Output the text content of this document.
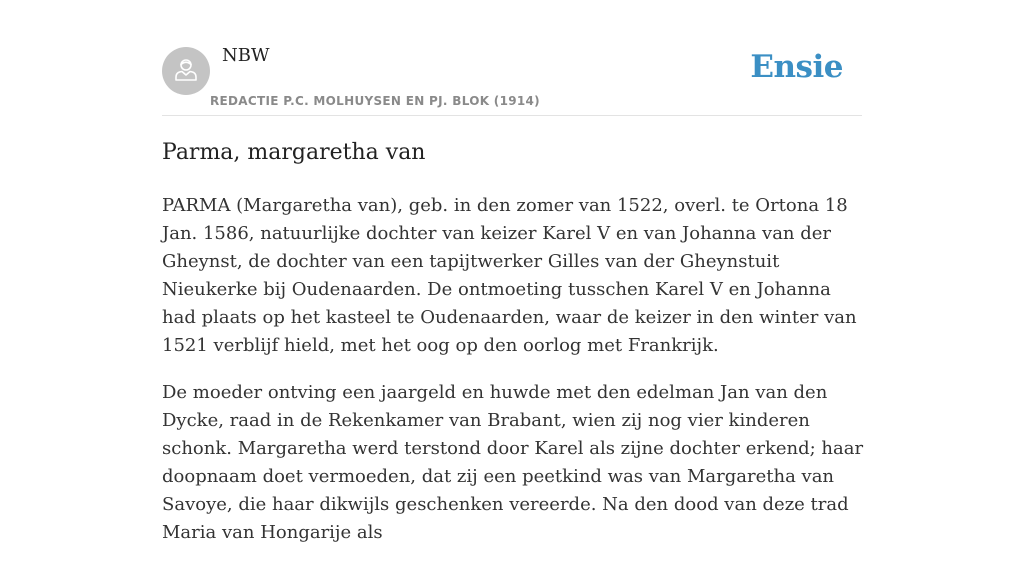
NBW
REDACTIE P.C. MOLHUYSEN EN PJ. BLOK (1914)
Ensie
Parma, margaretha van

PARMA (Margaretha van), geb. in den zomer van 1522, overl. te Ortona 18 Jan. 1586, natuurlijke dochter van keizer Karel V en van Johanna van der Gheynst, de dochter van een tapijtwerker Gilles van der Gheynstuit Nieukerke bij Oudenaarden. De ontmoeting tusschen Karel V en Johanna had plaats op het kasteel te Oudenaarden, waar de keizer in den winter van 1521 verblijf hield, met het oog op den oorlog met Frankrijk.

De moeder ontving een jaargeld en huwde met den edelman Jan van den Dycke, raad in de Rekenkamer van Brabant, wien zij nog vier kinderen schonk. Margaretha werd terstond door Karel als zijne dochter erkend; haar doopnaam doet vermoeden, dat zij een peetkind was van Margaretha van Savoye, die haar dikwijls geschenken vereerde. Na den dood van deze trad Maria van Hongarije als
